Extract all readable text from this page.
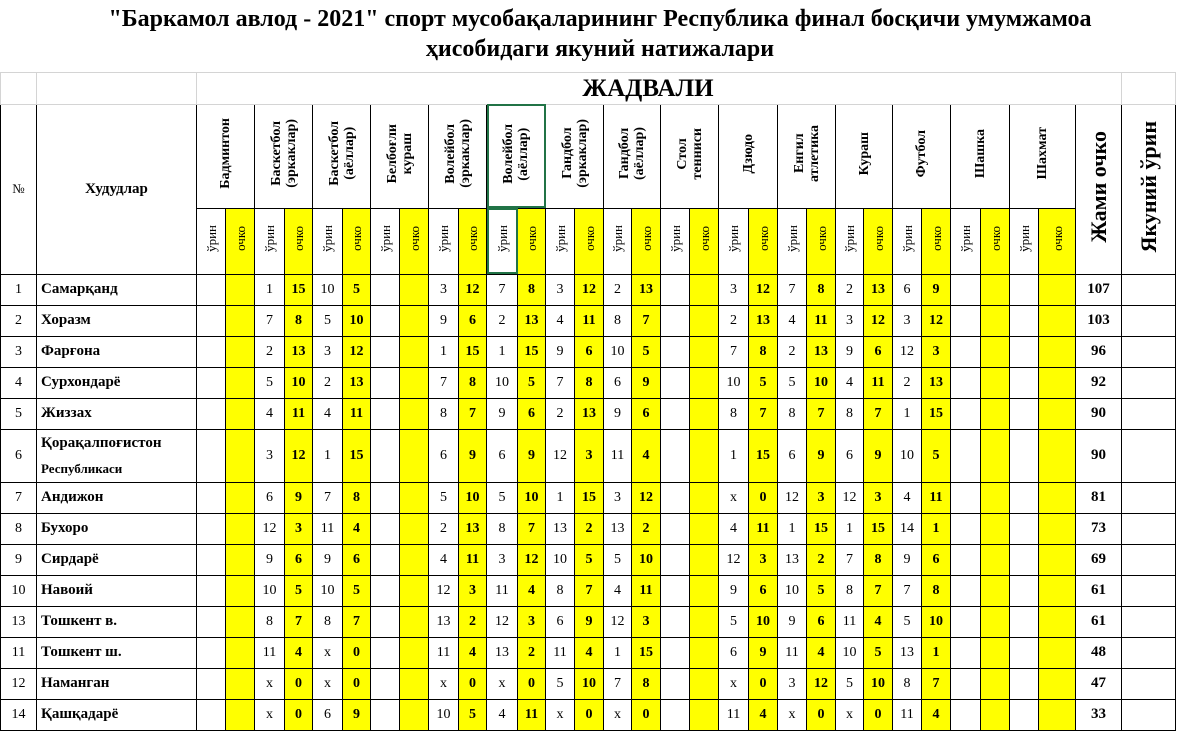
№	Худудлар	Бадминтон		Баскетбол (эркаклар)		Баскетбол (аёллар)		Белбоғли кураш		Волейбол (эркаклар)		Волейбол (аёллар)		Гандбол (эркаклар)		Гандбол (аёллар)		Стол тенниси		Дзюдо		Енгил атлетика		Кураш		Футбол		Шашка		Шахмат		Жами очко	Якуний ўрин
		ўрин	очко	ўрин	очко	ўрин	очко	ўрин	очко	ўрин	очко	ўрин	очко	ўрин	очко	ўрин	очко	ўрин	очко	ўрин	очко	ўрин	очко	ўрин	очко	ўрин	очко	ўрин	очко	ўрин	очко		
1	Самарқанд			1	15	10	5			3	12	7	8	3	12	2	13			3	12	7	8	2	13	6	9					107	
2	Хоразм			7	8	5	10			9	6	2	13	4	11	8	7			2	13	4	11	3	12	3	12					103	
3	Фарғона			2	13	3	12			1	15	1	15	9	6	10	5			7	8	2	13	9	6	12	3					96	
4	Сурхондарё			5	10	2	13			7	8	10	5	7	8	6	9			10	5	5	10	4	11	2	13					92	
5	Жиззах			4	11	4	11			8	7	9	6	2	13	9	6			8	7	8	7	8	7	1	15					90	
6	Қорақалпоғистон
Республикаси			3	12	1	15			6	9	6	9	12	3	11	4			1	15	6	9	6	9	10	5					90	
7	Андижон			6	9	7	8			5	10	5	10	1	15	3	12			х	0	12	3	12	3	4	11					81	
8	Бухоро			12	3	11	4			2	13	8	7	13	2	13	2			4	11	1	15	1	15	14	1					73	
9	Сирдарё			9	6	9	6			4	11	3	12	10	5	5	10			12	3	13	2	7	8	9	6					69	
10	Навоий			10	5	10	5			12	3	11	4	8	7	4	11			9	6	10	5	8	7	7	8					61	
13	Тошкент в.			8	7	8	7			13	2	12	3	6	9	12	3			5	10	9	6	11	4	5	10					61	
11	Тошкент ш.			11	4	х	0			11	4	13	2	11	4	1	15			6	9	11	4	10	5	13	1					48	
12	Наманган			х	0	х	0			х	0	х	0	5	10	7	8			х	0	3	12	5	10	8	7					47	
14	Қашқадарё			х	0	6	9			10	5	4	11	х	0	х	0			11	4	х	0	х	0	11	4					33	
"Баркамол авлод - 2021" спорт мусобақаларининг Республика финал босқичи умумжамоа
ҳисобидаги якуний натижалари
ЖАДВАЛИ
